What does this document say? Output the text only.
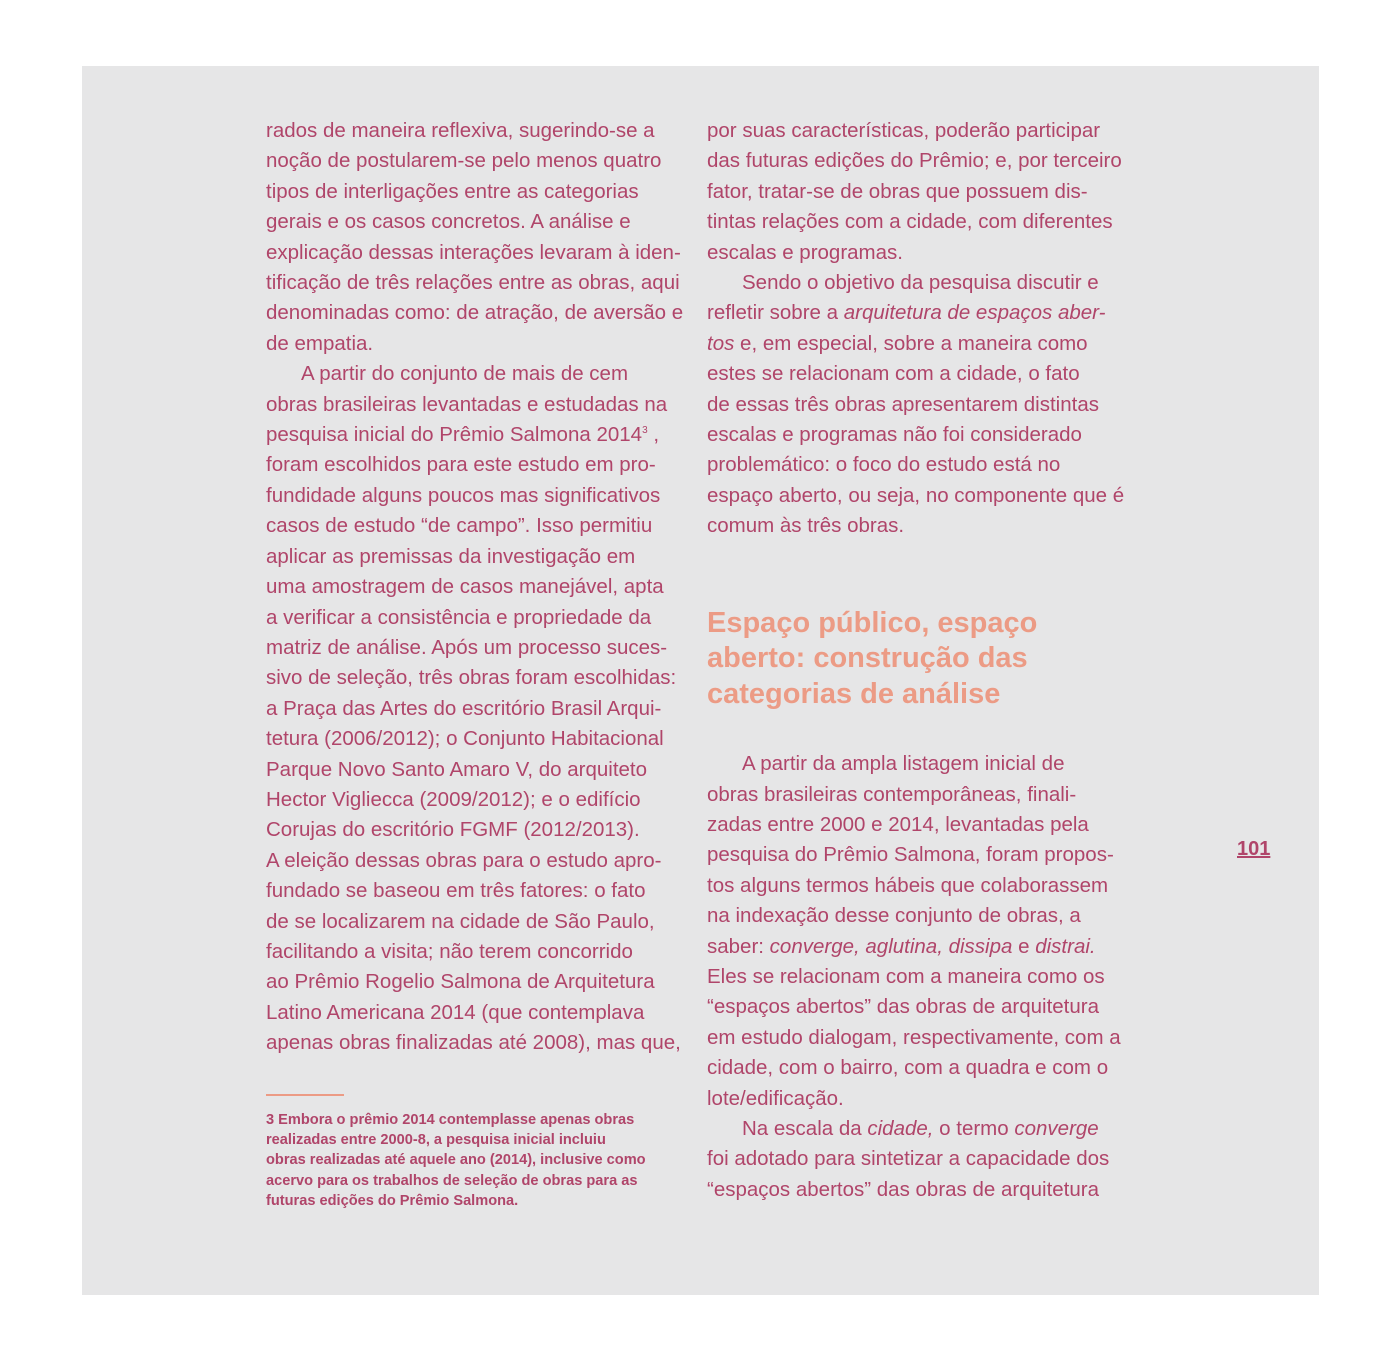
rados de maneira reflexiva, sugerindo-se a
noção de postularem-se pelo menos quatro
tipos de interligações entre as categorias
gerais e os casos concretos. A análise e
explicação dessas interações levaram à iden-
tificação de três relações entre as obras, aqui
denominadas como: de atração, de aversão e
de empatia.
A partir do conjunto de mais de cem
obras brasileiras levantadas e estudadas na
pesquisa inicial do Prêmio Salmona 2014$^3$ ,
foram escolhidos para este estudo em pro-
fundidade alguns poucos mas significativos
casos de estudo “de campo”. Isso permitiu
aplicar as premissas da investigação em
uma amostragem de casos manejável, apta
a verificar a consistência e propriedade da
matriz de análise. Após um processo suces-
sivo de seleção, três obras foram escolhidas:
a Praça das Artes do escritório Brasil Arqui-
tetura (2006/2012); o Conjunto Habitacional
Parque Novo Santo Amaro V, do arquiteto
Hector Vigliecca (2009/2012); e o edifício
Corujas do escritório FGMF (2012/2013).
A eleição dessas obras para o estudo apro-
fundado se baseou em três fatores: o fato
de se localizarem na cidade de São Paulo,
facilitando a visita; não terem concorrido
ao Prêmio Rogelio Salmona de Arquitetura
Latino Americana 2014 (que contemplava
apenas obras finalizadas até 2008), mas que,
por suas características, poderão participar
das futuras edições do Prêmio; e, por terceiro
fator, tratar-se de obras que possuem dis-
tintas relações com a cidade, com diferentes
escalas e programas.
Sendo o objetivo da pesquisa discutir e
refletir sobre a arquitetura de espaços aber-
tos e, em especial, sobre a maneira como
estes se relacionam com a cidade, o fato
de essas três obras apresentarem distintas
escalas e programas não foi considerado
problemático: o foco do estudo está no
espaço aberto, ou seja, no componente que é
comum às três obras.
Espaço público, espaço
aberto: construção das
categorias de análise
A partir da ampla listagem inicial de
obras brasileiras contemporâneas, finali-
zadas entre 2000 e 2014, levantadas pela
pesquisa do Prêmio Salmona, foram propos-
tos alguns termos hábeis que colaborassem
na indexação desse conjunto de obras, a
saber: converge, aglutina, dissipa e distrai.
Eles se relacionam com a maneira como os
“espaços abertos” das obras de arquitetura
em estudo dialogam, respectivamente, com a
cidade, com o bairro, com a quadra e com o
lote/edificação.
Na escala da cidade, o termo converge
foi adotado para sintetizar a capacidade dos
“espaços abertos” das obras de arquitetura
3 Embora o prêmio 2014 contemplasse apenas obras
realizadas entre 2000-8, a pesquisa inicial incluiu
obras realizadas até aquele ano (2014), inclusive como
acervo para os trabalhos de seleção de obras para as
futuras edições do Prêmio Salmona.
101
